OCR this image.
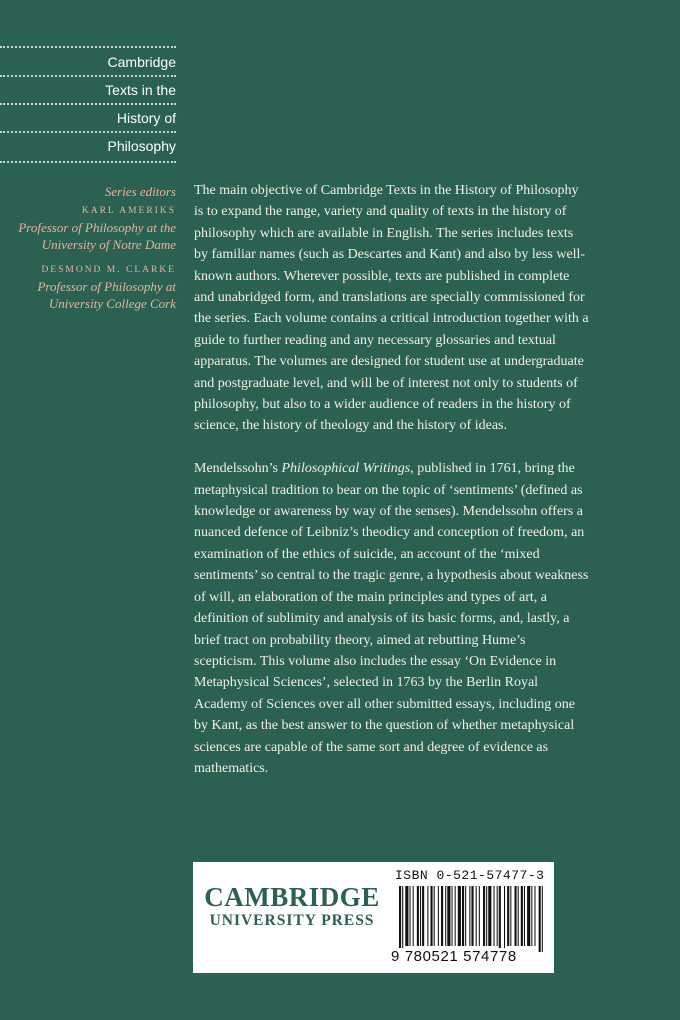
Cambridge
Texts in the
History of
Philosophy
Series editors
KARL AMERIKS
Professor of Philosophy at the
University of Notre Dame
DESMOND M. CLARKE
Professor of Philosophy at
University College Cork

The main objective of Cambridge Texts in the History of Philosophy is to expand the range, variety and quality of texts in the history of philosophy which are available in English. The series includes texts by familiar names (such as Descartes and Kant) and also by less well-known authors. Wherever possible, texts are published in complete and unabridged form, and translations are specially commissioned for the series. Each volume contains a critical introduction together with a guide to further reading and any necessary glossaries and textual apparatus. The volumes are designed for student use at undergraduate and postgraduate level, and will be of interest not only to students of philosophy, but also to a wider audience of readers in the history of science, the history of theology and the history of ideas.

Mendelssohn’s Philosophical Writings, published in 1761, bring the metaphysical tradition to bear on the topic of ‘sentiments’ (defined as knowledge or awareness by way of the senses). Mendelssohn offers a nuanced defence of Leibniz’s theodicy and conception of freedom, an examination of the ethics of suicide, an account of the ‘mixed sentiments’ so central to the tragic genre, a hypothesis about weakness of will, an elaboration of the main principles and types of art, a definition of sublimity and analysis of its basic forms, and, lastly, a brief tract on probability theory, aimed at rebutting Hume’s scepticism. This volume also includes the essay ‘On Evidence in Metaphysical Sciences’, selected in 1763 by the Berlin Royal Academy of Sciences over all other submitted essays, including one by Kant, as the best answer to the question of whether metaphysical sciences are capable of the same sort and degree of evidence as mathematics.

CAMBRIDGE
UNIVERSITY PRESS
ISBN 0-521-57477-3
9 780521 574778
